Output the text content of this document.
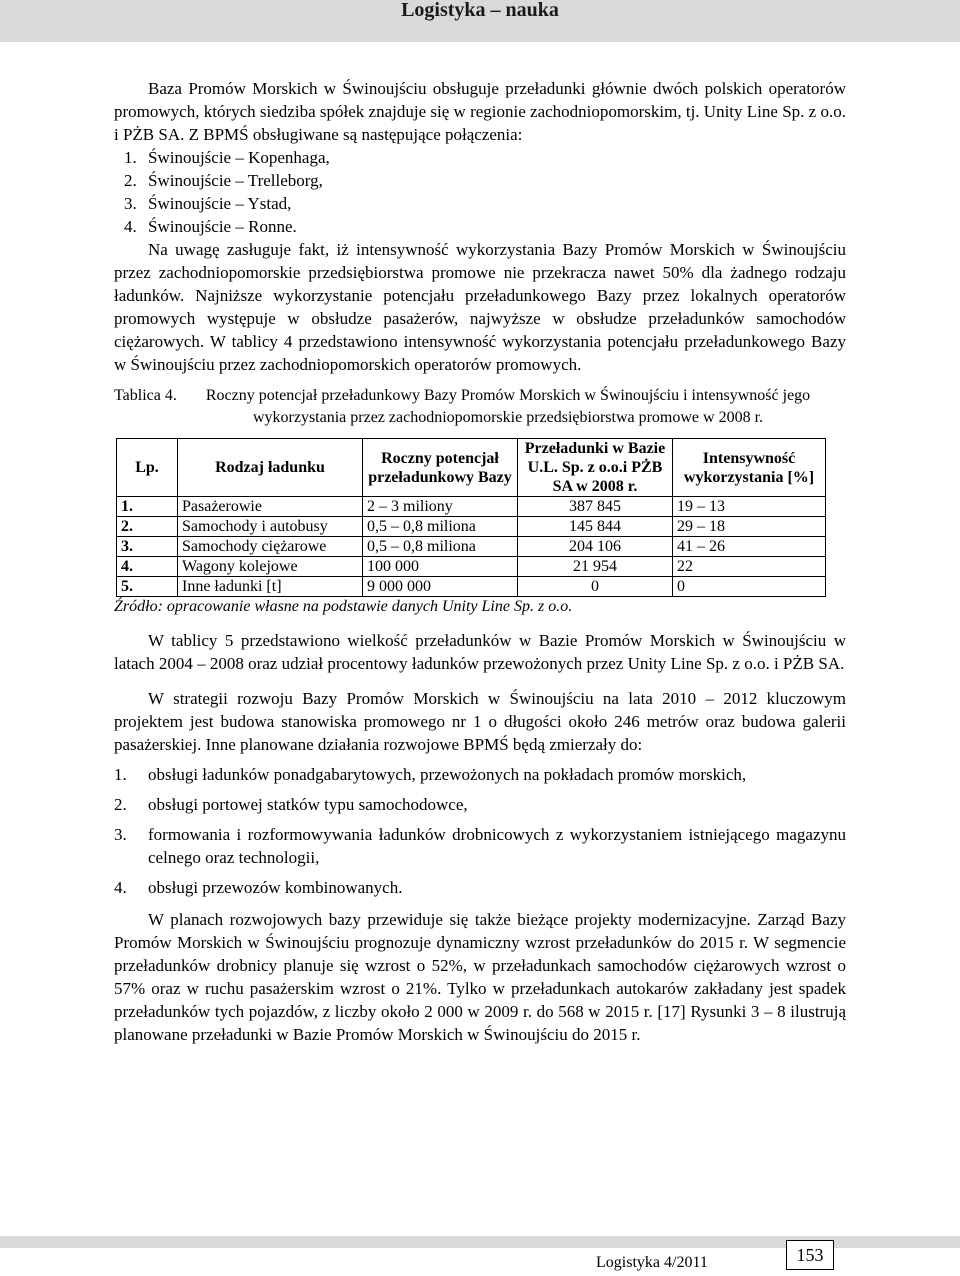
Logistyka – nauka

Baza Promów Morskich w Świnoujściu obsługuje przeładunki głównie dwóch polskich operatorów promowych, których siedziba spółek znajduje się w regionie zachodniopomorskim, tj. Unity Line Sp. z o.o. i PŻB SA. Z BPMŚ obsługiwane są następujące połączenia:

1. Świnoujście – Kopenhaga,
2. Świnoujście – Trelleborg,
3. Świnoujście – Ystad,
4. Świnoujście – Ronne.

Na uwagę zasługuje fakt, iż intensywność wykorzystania Bazy Promów Morskich w Świnoujściu przez zachodniopomorskie przedsiębiorstwa promowe nie przekracza nawet 50% dla żadnego rodzaju ładunków. Najniższe wykorzystanie potencjału przeładunkowego Bazy przez lokalnych operatorów promowych występuje w obsłudze pasażerów, najwyższe w obsłudze przeładunków samochodów ciężarowych. W tablicy 4 przedstawiono intensywność wykorzystania potencjału przeładunkowego Bazy w Świnoujściu przez zachodniopomorskich operatorów promowych.

Tablica 4.	Roczny potencjał przeładunkowy Bazy Promów Morskich w Świnoujściu i intensywność jego wykorzystania przez zachodniopomorskie przedsiębiorstwa promowe w 2008 r.
Lp.	Rodzaj ładunku	Roczny potencjał przeładunkowy Bazy	Przeładunki w Bazie U.L. Sp. z o.o.i PŻB SA w 2008 r.	Intensywność wykorzystania [%]
1.	Pasażerowie	2 – 3 miliony	387 845	19 – 13
2.	Samochody i autobusy	0,5 – 0,8 miliona	145 844	29 – 18
3.	Samochody ciężarowe	0,5 – 0,8 miliona	204 106	41 – 26
4.	Wagony kolejowe	100 000	21 954	22
5.	Inne ładunki [t]	9 000 000	0	0
Źródło: opracowanie własne na podstawie danych Unity Line Sp. z o.o.

W tablicy 5 przedstawiono wielkość przeładunków w Bazie Promów Morskich w Świnoujściu w latach 2004 – 2008 oraz udział procentowy ładunków przewożonych przez Unity Line Sp. z o.o. i PŻB SA.

W strategii rozwoju Bazy Promów Morskich w Świnoujściu na lata 2010 – 2012 kluczowym projektem jest budowa stanowiska promowego nr 1 o długości około 246 metrów oraz budowa galerii pasażerskiej. Inne planowane działania rozwojowe BPMŚ będą zmierzały do:

1.	obsługi ładunków ponadgabarytowych, przewożonych na pokładach promów morskich,
2.	obsługi portowej statków typu samochodowce,
3.	formowania i rozformowywania ładunków drobnicowych z wykorzystaniem istniejącego magazynu celnego oraz technologii,
4.	obsługi przewozów kombinowanych.

W planach rozwojowych bazy przewiduje się także bieżące projekty modernizacyjne. Zarząd Bazy Promów Morskich w Świnoujściu prognozuje dynamiczny wzrost przeładunków do 2015 r. W segmencie przeładunków drobnicy planuje się wzrost o 52%, w przeładunkach samochodów ciężarowych wzrost o 57% oraz w ruchu pasażerskim wzrost o 21%. Tylko w przeładunkach autokarów zakładany jest spadek przeładunków tych pojazdów, z liczby około 2 000 w 2009 r. do 568 w 2015 r. [17] Rysunki 3 – 8 ilustrują planowane przeładunki w Bazie Promów Morskich w Świnoujściu do 2015 r.

Logistyka 4/2011	153
